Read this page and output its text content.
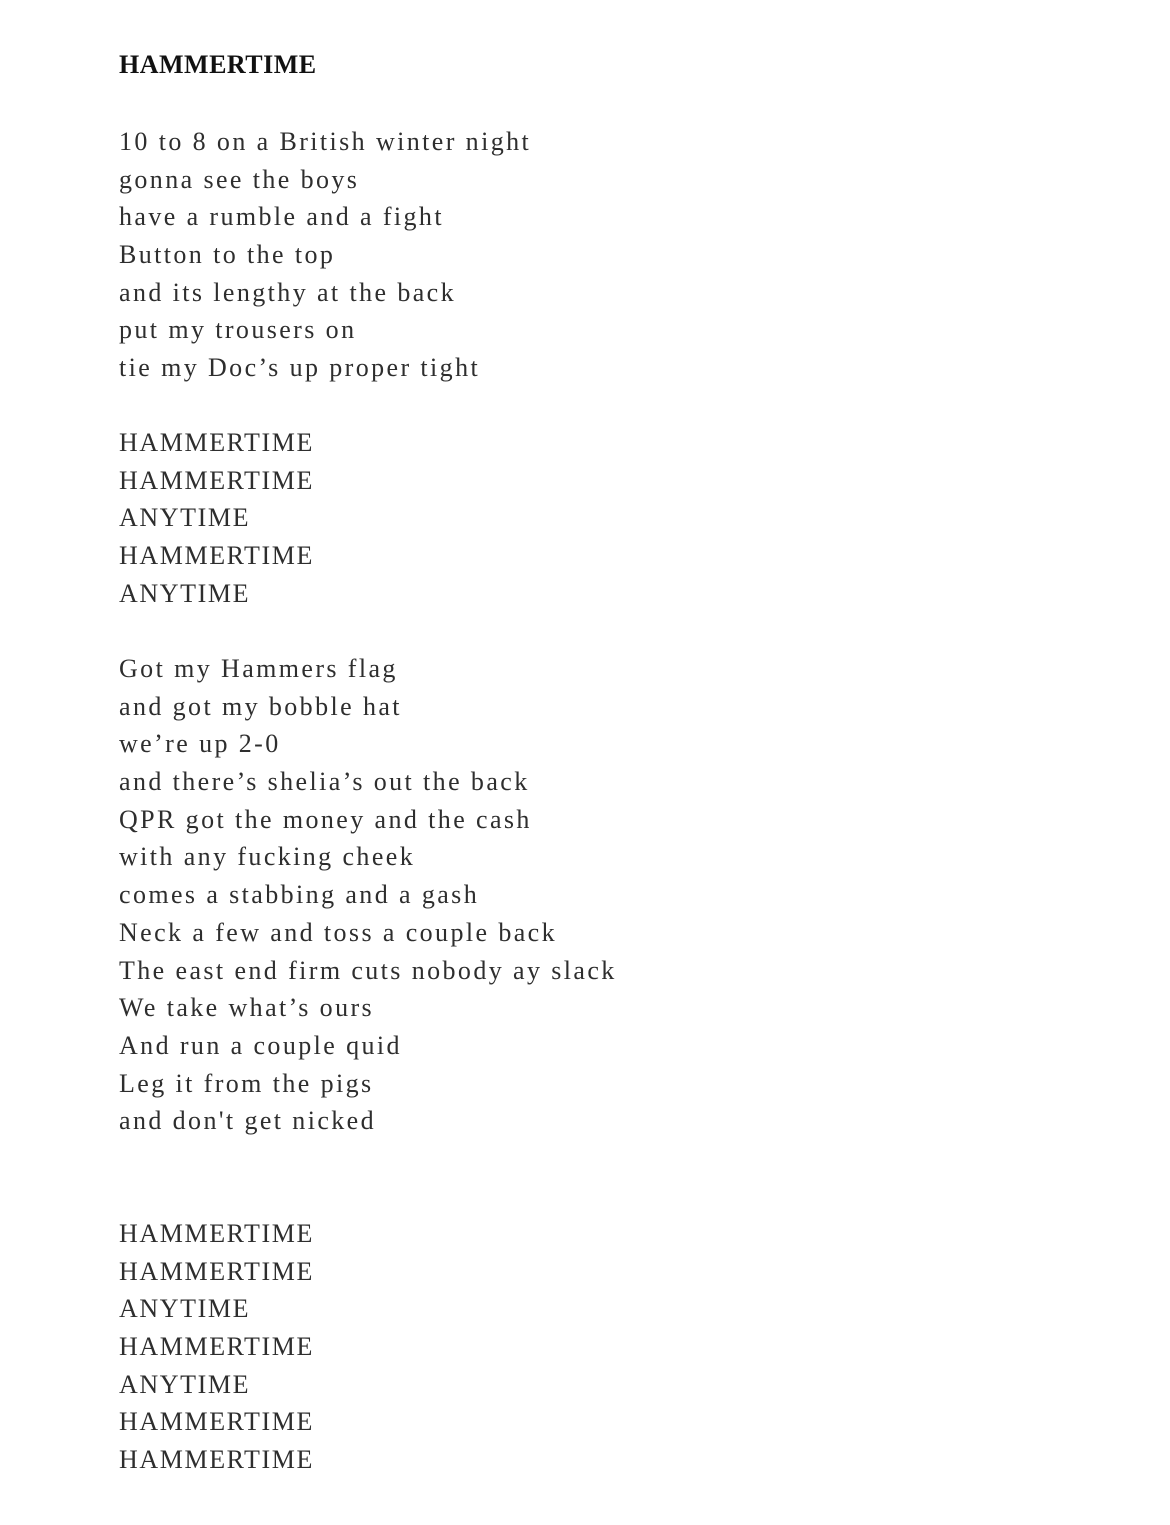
HAMMERTIME
10 to 8 on a British winter night
gonna see the boys
have a rumble and a fight
Button to the top
and its lengthy at the back
put my trousers on
tie my Doc’s up proper tight
HAMMERTIME
HAMMERTIME
ANYTIME
HAMMERTIME
ANYTIME
Got my Hammers flag
and got my bobble hat
we’re up 2-0
and there’s shelia’s out the back
QPR got the money and the cash
with any fucking cheek
comes a stabbing and a gash
Neck a few and toss a couple back
The east end firm cuts nobody ay slack
We take what’s ours
And run a couple quid
Leg it from the pigs
and don't get nicked
HAMMERTIME
HAMMERTIME
ANYTIME
HAMMERTIME
ANYTIME
HAMMERTIME
HAMMERTIME
